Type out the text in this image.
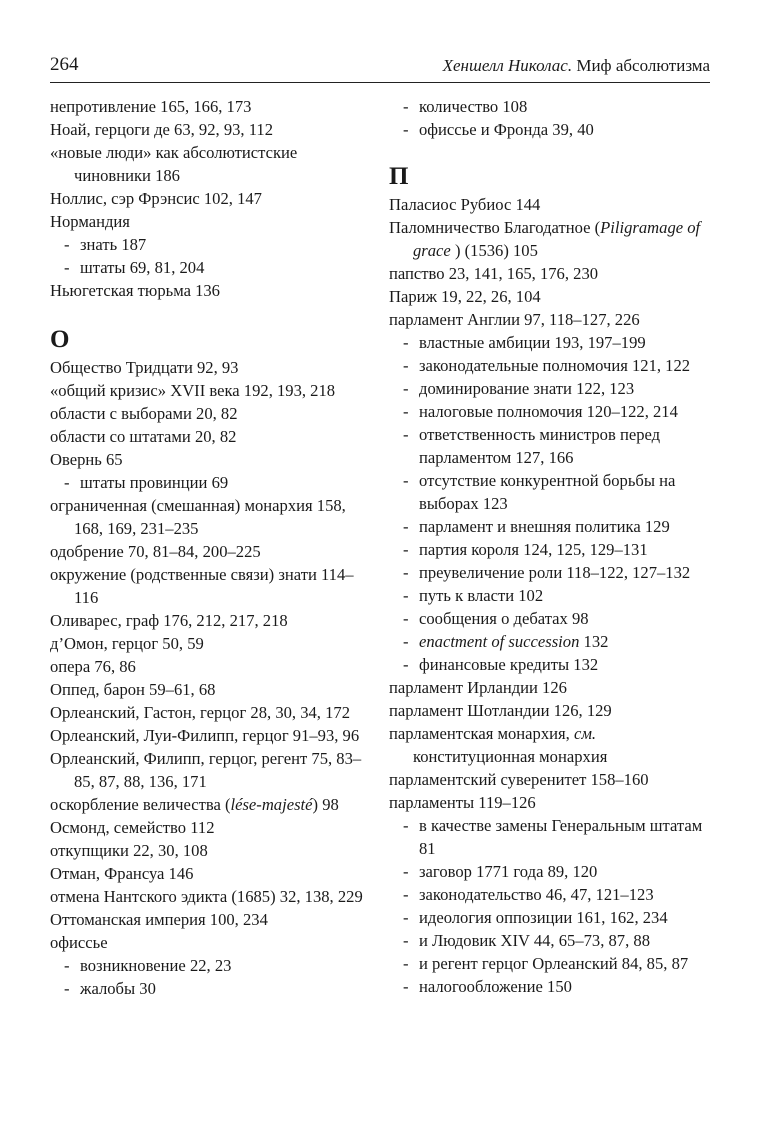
264	Хеншелл Николас. Миф абсолютизма
непротивление 165, 166, 173
Ноай, герцоги де 63, 92, 93, 112
«новые люди» как абсолютистские чиновники 186
Ноллис, сэр Фрэнсис 102, 147
Нормандия
- знать 187
- штаты 69, 81, 204
Ньюгетская тюрьма 136
О
Общество Тридцати 92, 93
«общий кризис» XVII века 192, 193, 218
области с выборами 20, 82
области со штатами 20, 82
Овернь 65
- штаты провинции 69
ограниченная (смешанная) монархия 158, 168, 169, 231–235
одобрение 70, 81–84, 200–225
окружение (родственные связи) знати 114–116
Оливарес, граф 176, 212, 217, 218
д’Омон, герцог 50, 59
опера 76, 86
Оппед, барон 59–61, 68
Орлеанский, Гастон, герцог 28, 30, 34, 172
Орлеанский, Луи-Филипп, герцог 91–93, 96
Орлеанский, Филипп, герцог, регент 75, 83–85, 87, 88, 136, 171
оскорбление величества (lése-majesté) 98
Осмонд, семейство 112
откупщики 22, 30, 108
Отман, Франсуа 146
отмена Нантского эдикта (1685) 32, 138, 229
Оттоманская империя 100, 234
офиссье
- возникновение 22, 23
- жалобы 30
- количество 108
- офиссье и Фронда 39, 40
П
Паласиос Рубиос 144
Паломничество Благодатное (Piligramage of grace ) (1536) 105
папство 23, 141, 165, 176, 230
Париж 19, 22, 26, 104
парламент Англии 97, 118–127, 226
- властные амбиции 193, 197–199
- законодательные полномочия 121, 122
- доминирование знати 122, 123
- налоговые полномочия 120–122, 214
- ответственность министров перед парламентом 127, 166
- отсутствие конкурентной борьбы на выборах 123
- парламент и внешняя политика 129
- партия короля 124, 125, 129–131
- преувеличение роли 118–122, 127–132
- путь к власти 102
- сообщения о дебатах 98
- enactment of succession 132
- финансовые кредиты 132
парламент Ирландии 126
парламент Шотландии 126, 129
парламентская монархия, см. конституционная монархия
парламентский суверенитет 158–160
парламенты 119–126
- в качестве замены Генеральным штатам 81
- заговор 1771 года 89, 120
- законодательство 46, 47, 121–123
- идеология оппозиции 161, 162, 234
- и Людовик XIV 44, 65–73, 87, 88
- и регент герцог Орлеанский 84, 85, 87
- налогообложение 150
